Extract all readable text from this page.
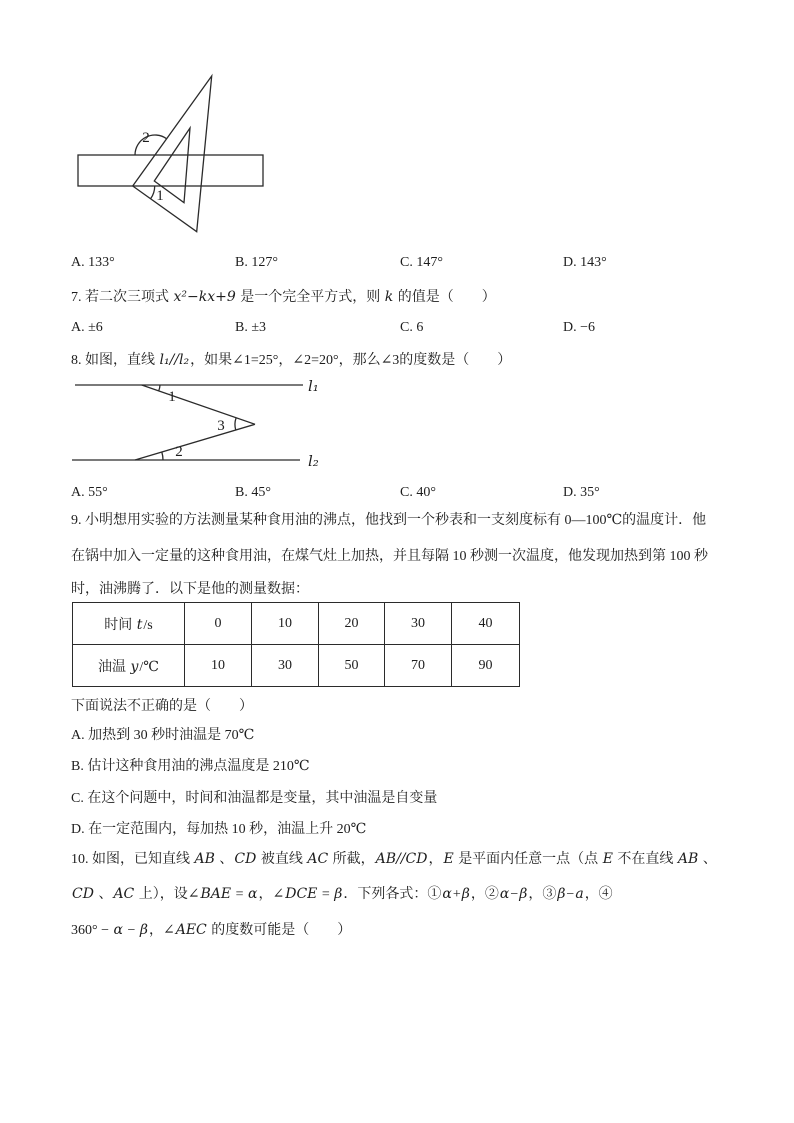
2
1
A. 133°	B. 127°	C. 147°	D. 143°
7. 若二次三项式 x²−kx+9 是一个完全平方式，则 k 的值是（　　）
A. ±6	B. ±3	C. 6	D. −6
8. 如图，直线 l₁//l₂，如果∠1=25°，∠2=20°，那么∠3的度数是（　　）
1
3
2
l₁
l₂
A. 55°	B. 45°	C. 40°	D. 35°
9. 小明想用实验的方法测量某种食用油的沸点，他找到一个秒表和一支刻度标有 0—100℃的温度计．他
在锅中加入一定量的这种食用油，在煤气灶上加热，并且每隔 10 秒测一次温度，他发现加热到第 100 秒
时，油沸腾了．以下是他的测量数据：
时间 t/s	0	10	20	30	40
油温 y/℃	10	30	50	70	90
下面说法不正确的是（　　）
A. 加热到 30 秒时油温是 70℃
B. 估计这种食用油的沸点温度是 210℃
C. 在这个问题中，时间和油温都是变量，其中油温是自变量
D. 在一定范围内，每加热 10 秒，油温上升 20℃
10. 如图，已知直线 AB 、CD 被直线 AC 所截，AB//CD，E 是平面内任意一点（点 E 不在直线 AB 、
CD 、AC 上），设∠BAE = α，∠DCE = β．下列各式：①α+β，②α−β，③β−a，④
360° − α − β，∠AEC 的度数可能是（　　）
